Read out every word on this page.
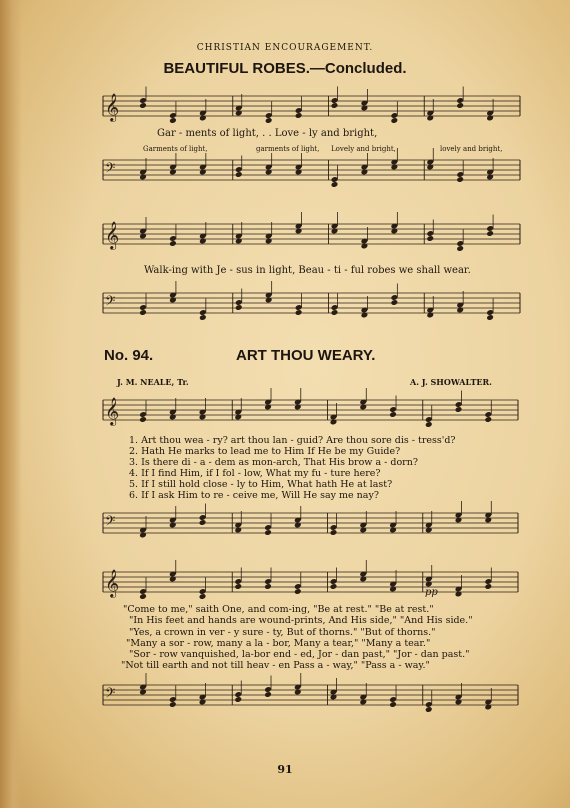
CHRISTIAN ENCOURAGEMENT.
BEAUTIFUL ROBES.—Concluded.
𝄞
𝄢
𝄞
𝄢
𝄞
𝄢
𝄞
𝄢
Gar - ments of light, . . Love - ly and bright,
Garments of light,	garments of light, Lovely and bright,	lovely and bright,
Walk-ing with Je - sus in light, Beau - ti - ful robes we shall wear.
No. 94.	ART THOU WEARY.
J. M. NEALE, Tr.	A. J. SHOWALTER.
1. Art thou wea - ry? art thou lan - guid? Are thou sore dis - tress'd?
2. Hath He marks to lead me to Him If He be my Guide?
3. Is there di - a - dem as mon-arch, That His brow a - dorn?
4. If I find Him, if I fol - low, What my fu - ture here?
5. If I still hold close - ly to Him, What hath He at last?
6. If I ask Him to re - ceive me, Will He say me nay?
pp
"Come to me," saith One, and com-ing, "Be at rest." "Be at rest."
"In His feet and hands are wound-prints, And His side," "And His side."
"Yes, a crown in ver - y sure - ty, But of thorns." "But of thorns."
"Many a sor - row, many a la - bor, Many a tear," "Many a tear."
"Sor - row vanquished, la-bor end - ed, Jor - dan past," "Jor - dan past."
"Not till earth and not till heav - en Pass a - way," "Pass a - way."
91
